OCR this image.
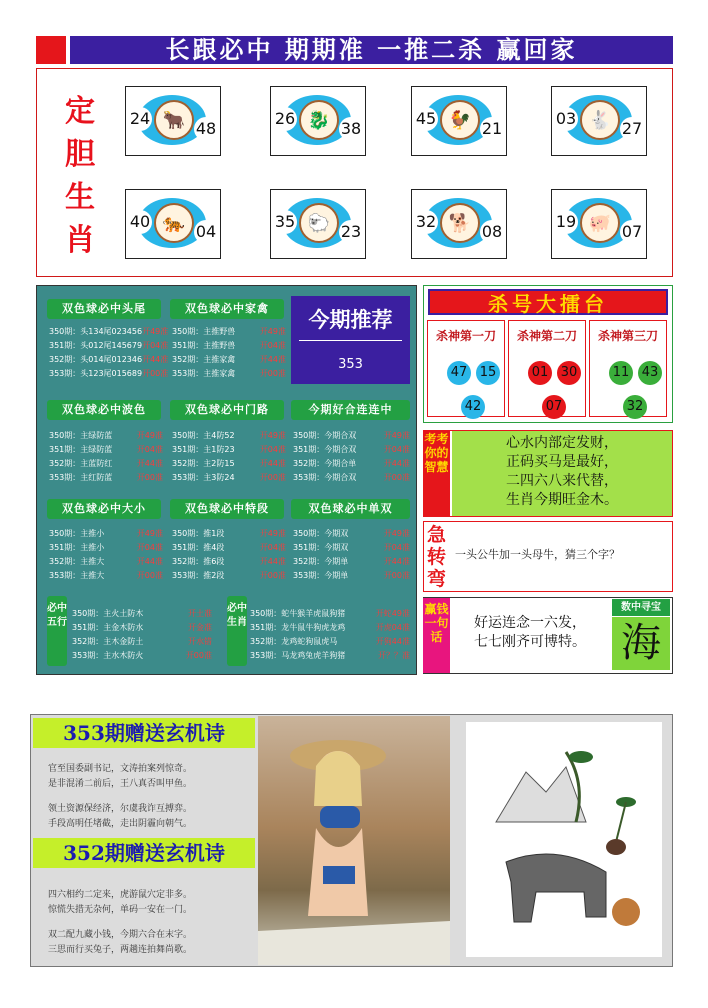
长跟必中 期期准 一推二杀 赢回家
定
胆
生
肖
🐂
24
48	🐉
26
38	🐓
45
21	🐇
03
27
🐅
40
04	🐑
35
23	🐕
32
08	🐖
19
07
双色球必中头尾
350期：头134尾023456 开49准
351期：头012尾145679 开04准
352期：头014尾012346 开44准
353期：头123尾015689 开00准
双色球必中家禽
350期：主推野兽	开49准
351期：主推野兽	开04准
352期：主推家禽	开44准
353期：主推家禽	开00准
今期推荐
353
双色球必中波色
350期：主绿防蓝	开49准
351期：主绿防蓝	开04准
352期：主蓝防红	开44准
353期：主红防蓝	开00准
双色球必中门路
350期：主4防52	开49准
351期：主1防23	开04准
352期：主2防15	开44准
353期：主3防24	开00准
今期好合连连中
350期：今期合双	开49准
351期：今期合双	开04准
352期：今期合单	开44准
353期：今期合双	开00准
双色球必中大小
350期：主推小	开49准
351期：主推小	开04准
352期：主推大	开44准
353期：主推大	开00准
双色球必中特段
350期：推1段	开49准
351期：推4段	开04准
352期：推6段	开44准
353期：推2段	开00准
双色球必中单双
350期：今期双	开49准
351期：今期双	开04准
352期：今期单	开44准
353期：今期单	开00准
必中五行
350期：主火土防木	开土准
351期：主金木防水	开金准
352期：主木金防土	开水错
353期：主水木防火	开00准
必中生肖
350期：蛇牛猴羊虎鼠狗猪	开蛇49准
351期：龙牛鼠牛狗虎龙鸡	开虎04准
352期：龙鸡蛇狗鼠虎马	开狗44准
353期：马龙鸡兔虎羊狗猪	开？？准
杀号大擂台
杀神第一刀
47 15
42
杀神第二刀
01 30
07
杀神第三刀
11 43
32
考考你的智慧
心水内部定发财，
正码买马是最好，
二四六八来代替，
生肖今期旺金木。
急转弯
一头公牛加一头母牛，猜三个字？
赢钱一句话
好运连念一六发，
七七刚齐可博特。
数中寻宝
海
353期赠送玄机诗
官至国委副书记，文涛拍案列惊奇。
是非混淆二前后，王八真否叫甲鱼。
领土资源保经济，尔虞我诈互搏弈。
手段高明任堵截，走出阴霾向朝气。
352期赠送玄机诗
四六相约二定来，虎游鼠穴定非多。
惊慌失措无杂何，单码一安在一门。
双二配九藏小钱，今期六合在末字。
三思而行买兔子，两趟连拍舞尚歌。
